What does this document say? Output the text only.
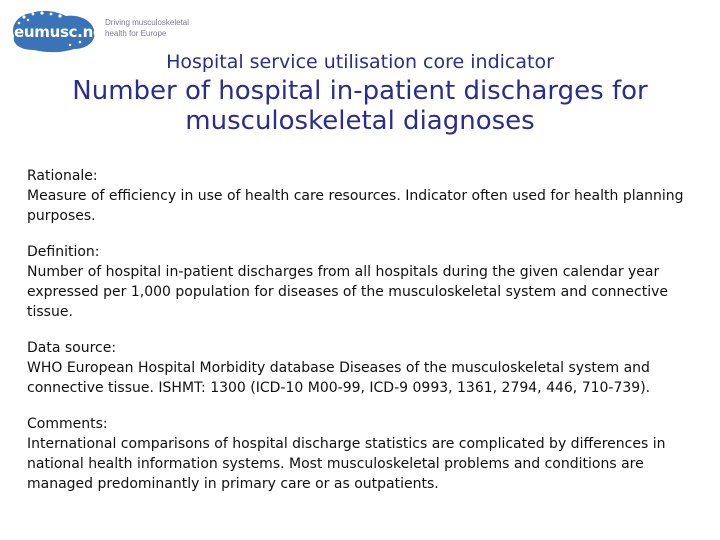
eumusc.net
Driving musculoskeletal
health for Europe
Hospital service utilisation core indicator
Number of hospital in-patient discharges for musculoskeletal diagnoses

Rationale:

Measure of efficiency in use of health care resources. Indicator often used for health planning purposes.

Definition:

Number of hospital in-patient discharges from all hospitals during the given calendar year expressed per 1,000 population for diseases of the musculoskeletal system and connective tissue.

Data source:

WHO European Hospital Morbidity database Diseases of the musculoskeletal system and connective tissue. ISHMT: 1300 (ICD-10 M00-99, ICD-9 0993, 1361, 2794, 446, 710-739).

Comments:

International comparisons of hospital discharge statistics are complicated by differences in national health information systems. Most musculoskeletal problems and conditions are managed predominantly in primary care or as outpatients.
